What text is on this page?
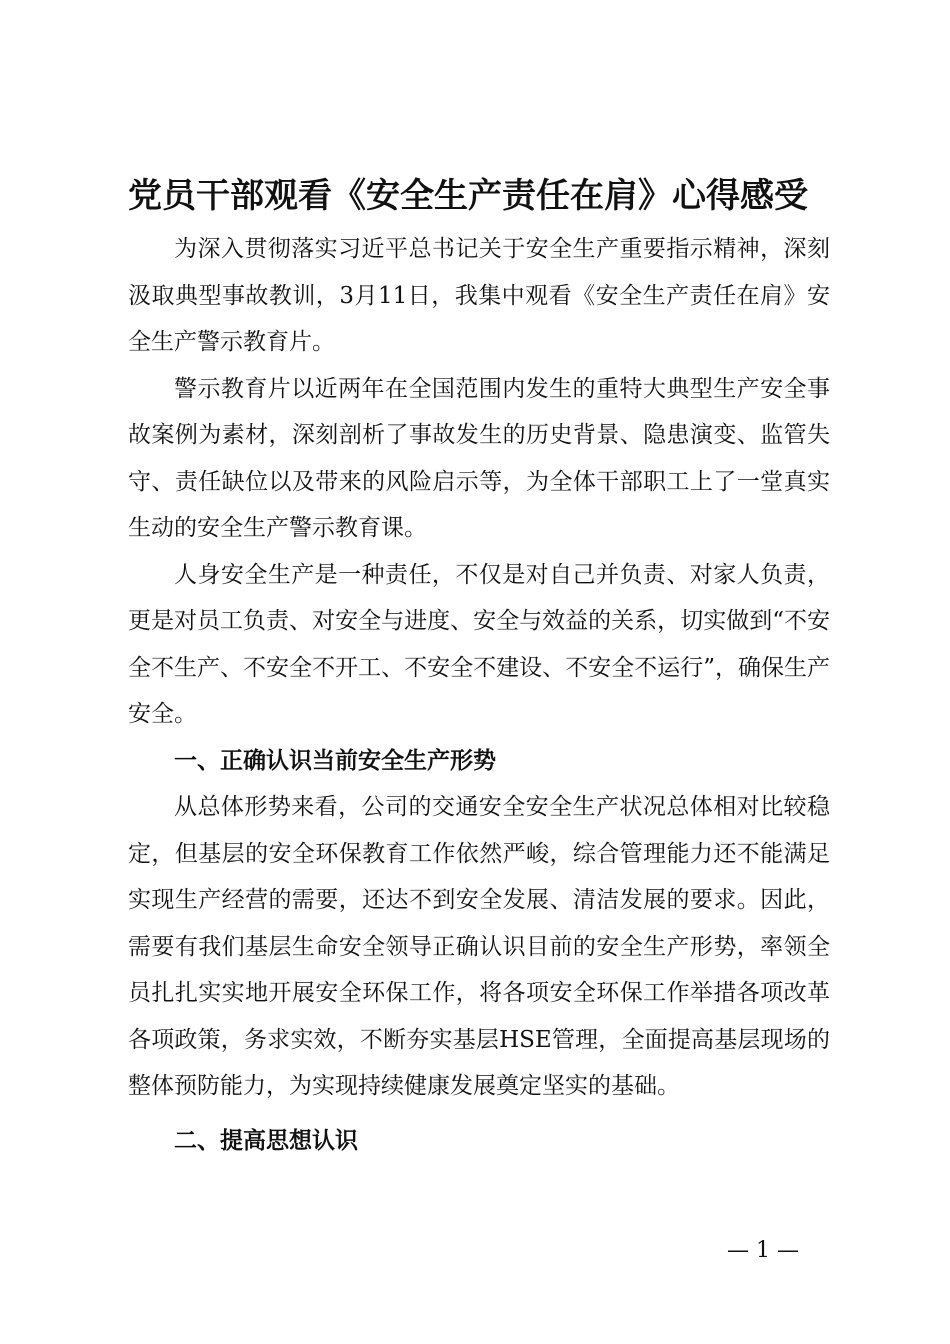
党员干部观看《安全生产责任在肩》心得感受

为深入贯彻落实习近平总书记关于安全生产重要指示精神，深刻汲取典型事故教训，3月11日，我集中观看《安全生产责任在肩》安全生产警示教育片。

警示教育片以近两年在全国范围内发生的重特大典型生产安全事故案例为素材，深刻剖析了事故发生的历史背景、隐患演变、监管失守、责任缺位以及带来的风险启示等，为全体干部职工上了一堂真实生动的安全生产警示教育课。

人身安全生产是一种责任，不仅是对自己并负责、对家人负责，更是对员工负责、对安全与进度、安全与效益的关系，切实做到“不安全不生产、不安全不开工、不安全不建设、不安全不运行”，确保生产安全。

一、正确认识当前安全生产形势

从总体形势来看，公司的交通安全安全生产状况总体相对比较稳定，但基层的安全环保教育工作依然严峻，综合管理能力还不能满足实现生产经营的需要，还达不到安全发展、清洁发展的要求。因此，需要有我们基层生命安全领导正确认识目前的安全生产形势，率领全员扎扎实实地开展安全环保工作，将各项安全环保工作举措各项改革各项政策，务求实效，不断夯实基层HSE管理，全面提高基层现场的整体预防能力，为实现持续健康发展奠定坚实的基础。

二、提高思想认识

— 1 —
